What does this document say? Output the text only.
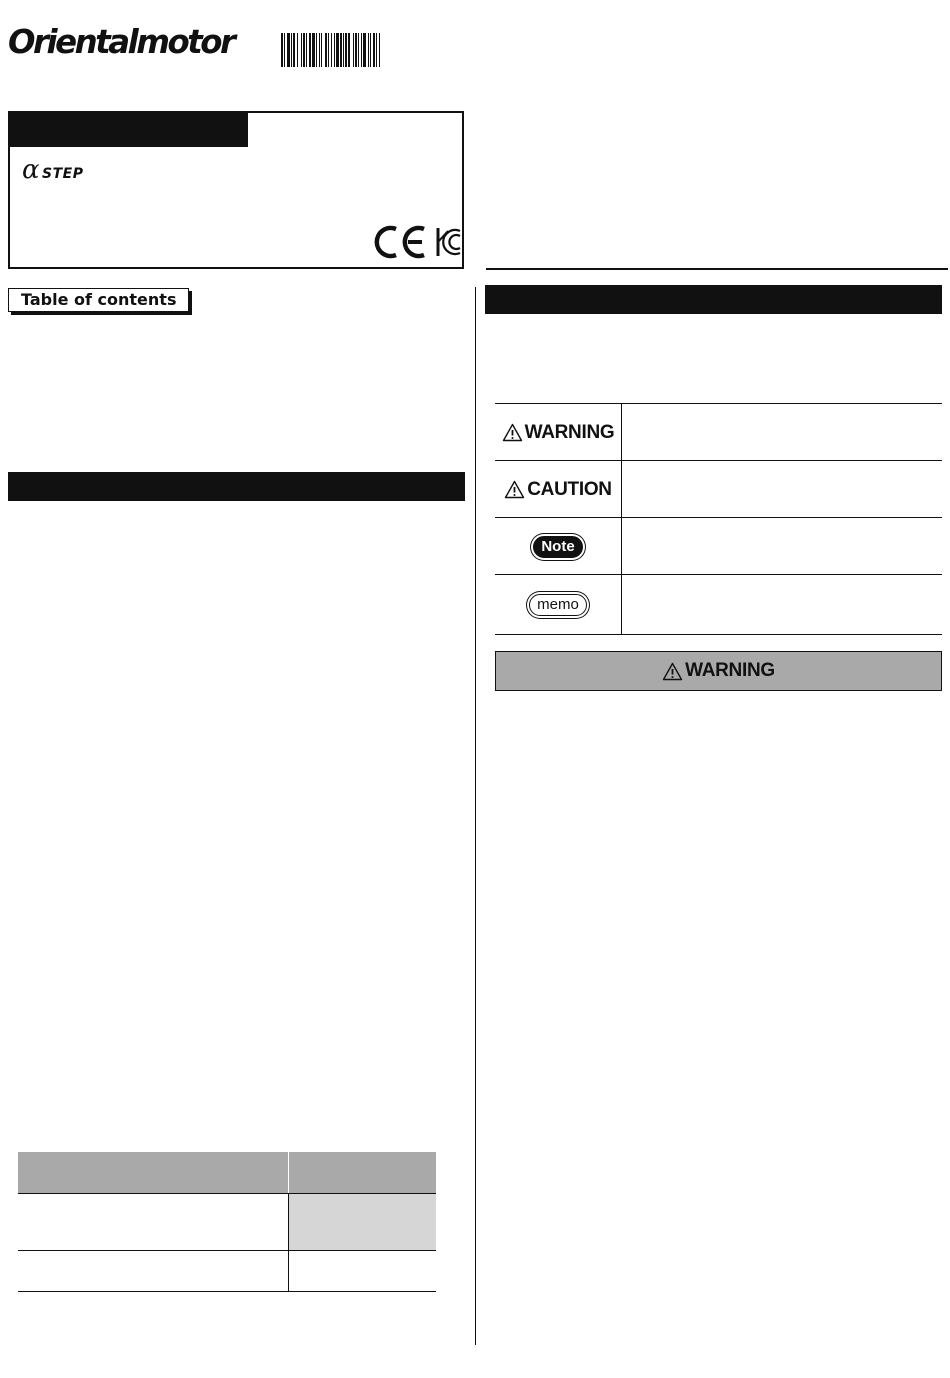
Orientalmotor
α STEP
Table of contents
WARNING
CAUTION
Note
memo
WARNING
